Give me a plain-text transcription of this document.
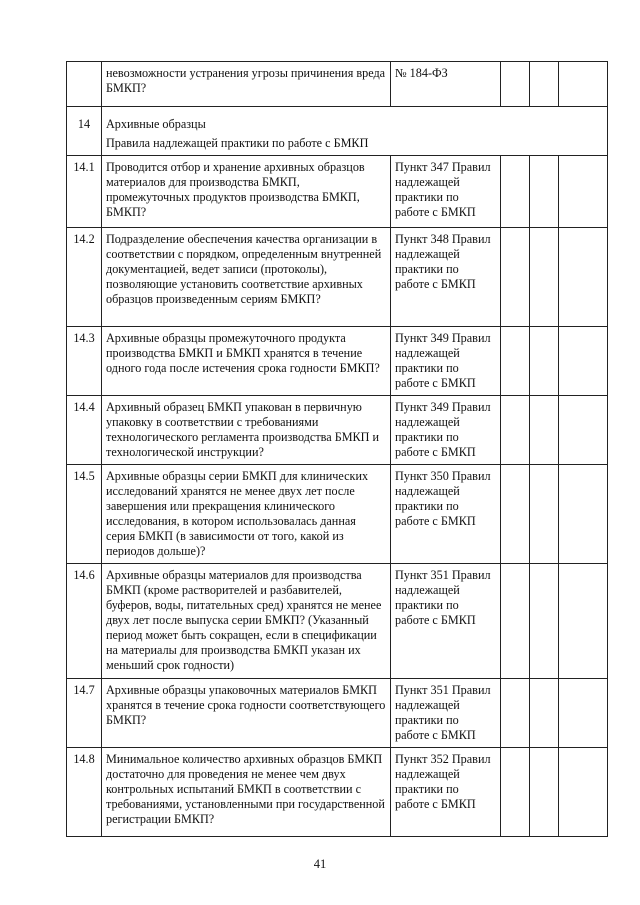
	невозможности устранения угрозы причинения вреда БМКП?	№ 184-ФЗ			

14	Архивные образцы
Правила надлежащей практики по работе с БМКП				

14.1	Проводится отбор и хранение архивных образцов материалов для производства БМКП, промежуточных продуктов производства БМКП, БМКП?	Пункт 347 Правил надлежащей практики по работе с БМКП			
14.2	Подразделение обеспечения качества организации в соответствии с порядком, определенным внутренней документацией, ведет записи (протоколы), позволяющие установить соответствие архивных образцов произведенным сериям БМКП?	Пункт 348 Правил надлежащей практики по работе с БМКП			
14.3	Архивные образцы промежуточного продукта производства БМКП и БМКП хранятся в течение одного года после истечения срока годности БМКП?	Пункт 349 Правил надлежащей практики по работе с БМКП			
14.4	Архивный образец БМКП упакован в первичную упаковку в соответствии с требованиями технологического регламента производства БМКП и технологической инструкции?	Пункт 349 Правил надлежащей практики по работе с БМКП			
14.5	Архивные образцы серии БМКП для клинических исследований хранятся не менее двух лет после завершения или прекращения клинического исследования, в котором использовалась данная серия БМКП (в зависимости от того, какой из периодов дольше)?	Пункт 350 Правил надлежащей практики по работе с БМКП			
14.6	Архивные образцы материалов для производства БМКП (кроме растворителей и разбавителей, буферов, воды, питательных сред) хранятся не менее двух лет после выпуска серии БМКП? (Указанный период может быть сокращен, если в спецификации на материалы для производства БМКП указан их меньший срок годности)	Пункт 351 Правил надлежащей практики по работе с БМКП			
14.7	Архивные образцы упаковочных материалов БМКП хранятся в течение срока годности соответствующего БМКП?	Пункт 351 Правил надлежащей практики по работе с БМКП			
14.8	Минимальное количество архивных образцов БМКП достаточно для проведения не менее чем двух контрольных испытаний БМКП в соответствии с требованиями, установленными при государственной регистрации БМКП?	Пункт 352 Правил надлежащей практики по работе с БМКП			
41
